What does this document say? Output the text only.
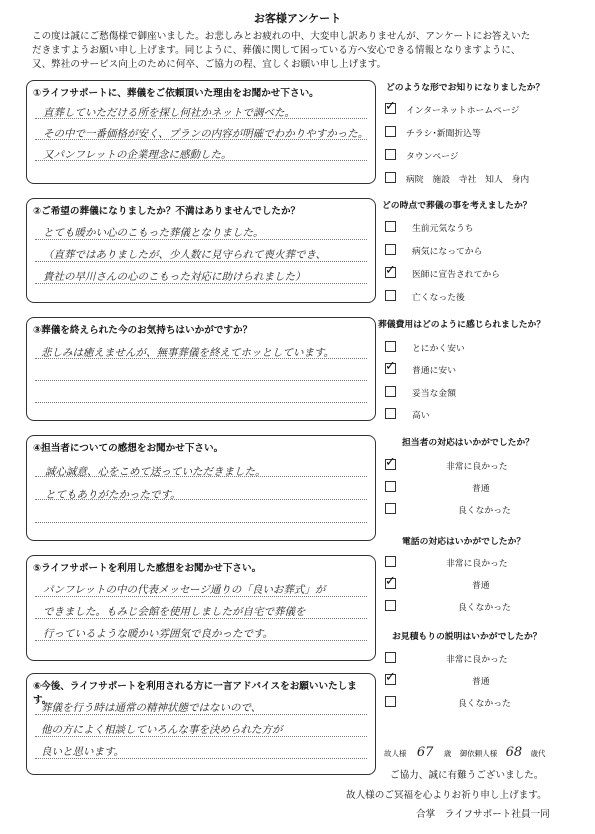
お客様アンケート
この度は誠にご愁傷様で御座いました。お悲しみとお疲れの中、大変申し訳ありませんが、アンケートにお答えいた
だきますようお願い申し上げます。同じように、葬儀に関して困っている方へ安心できる情報となりますように、
又、弊社のサービス向上のために何卒、ご協力の程、宜しくお願い申し上げます。
①ライフサポートに、葬儀をご依頼頂いた理由をお聞かせ下さい。
直葬していただける所を探し何社かネットで調べた。
その中で一番価格が安く、プランの内容が明確でわかりやすかった。
又パンフレットの企業理念に感動した。
②ご希望の葬儀になりましたか？不満はありませんでしたか？
とても暖かい心のこもった葬儀となりました。
（直葬ではありましたが、少人数に見守られて喪火葬でき、
貴社の早川さんの心のこもった対応に助けられました）
③葬儀を終えられた今のお気持ちはいかがですか？
悲しみは癒えませんが、無事葬儀を終えてホッとしています。
④担当者についての感想をお聞かせ下さい。
誠心誠意、心をこめて送っていただきました。
とてもありがたかったです。
⑤ライフサポートを利用した感想をお聞かせ下さい。
パンフレットの中の代表メッセージ通りの「良いお葬式」が
できました。もみじ会館を使用しましたが自宅で葬儀を
行っているような暖かい雰囲気で良かったです。
⑥今後、ライフサポートを利用される方に一言アドバイスをお願いいたします。
葬儀を行う時は通常の精神状態ではないので、
他の方によく相談していろんな事を決められた方が
良いと思います。
どのような形でお知りになりましたか？
✓
インターネットホームページ
チラシ･新聞折込等
タウンページ
病院　施設　寺社　知人　身内
どの時点で葬儀の事を考えましたか？
生前元気なうち
病気になってから
✓
医師に宣告されてから
亡くなった後
葬儀費用はどのように感じられましたか？
とにかく安い
✓
普通に安い
妥当な金額
高い
担当者の対応はいかがでしたか？
✓
非常に良かった
普通
良くなかった
電話の対応はいかがでしたか？
非常に良かった
✓
普通
良くなかった
お見積もりの説明はいかがでしたか？
非常に良かった
✓
普通
良くなかった
故人様 67 歳 御依頼人様 68 歳代
ご協力、誠に有難うございました。
故人様のご冥福を心よりお祈り申し上げます。
合掌　ライフサポート社員一同
